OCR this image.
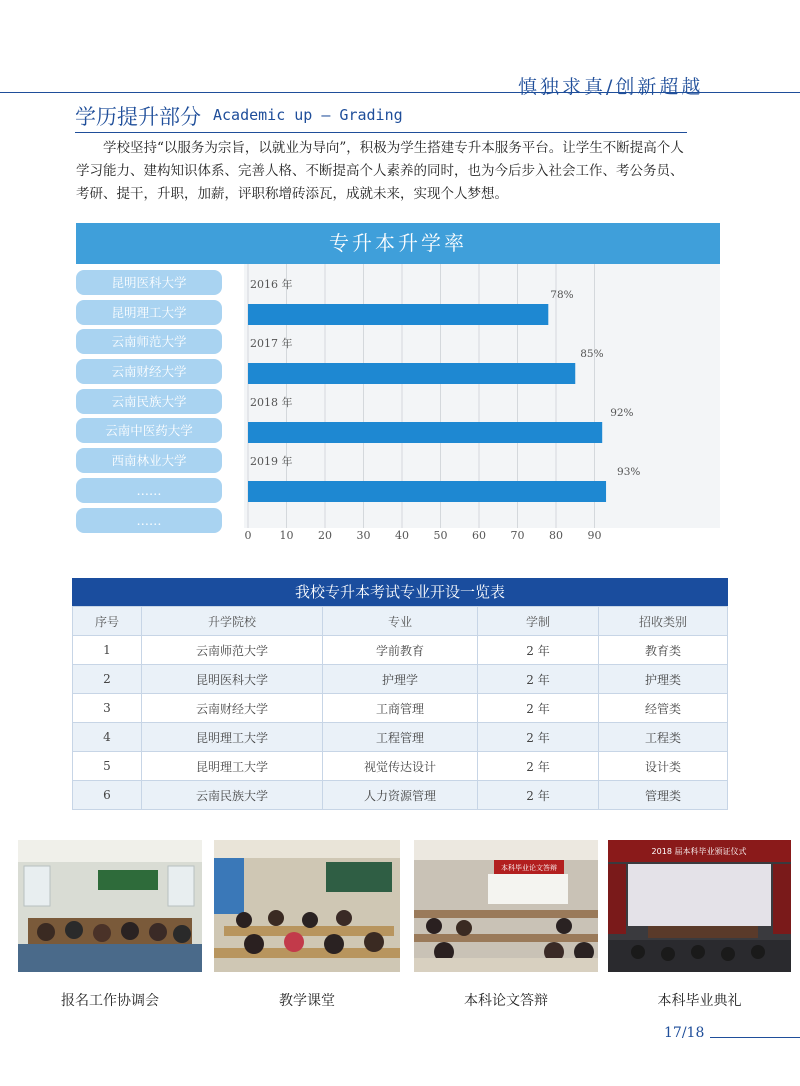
慎独求真/创新超越
学历提升部分 Academic up — Grading
学校坚持“以服务为宗旨，以就业为导向”，积极为学生搭建专升本服务平台。让学生不断提高个人学习能力、建构知识体系、完善人格、不断提高个人素养的同时，也为今后步入社会工作、考公务员、考研、提干，升职，加薪，评职称增砖添瓦，成就未来，实现个人梦想。
专升本升学率
昆明医科大学
昆明理工大学
云南师范大学
云南财经大学
云南民族大学
云南中医药大学
西南林业大学
……
……
0	10 20 30 40 50 60 70 80 90
2016 年
78%
2017 年
85%
2018 年
92%
2019 年
93%
我校专升本考试专业开设一览表
序号	升学院校	专业	学制	招收类别
1	云南师范大学	学前教育	2 年	教育类
2	昆明医科大学	护理学	2 年	护理类
3	云南财经大学	工商管理	2 年	经管类
4	昆明理工大学	工程管理	2 年	工程类
5	昆明理工大学	视觉传达设计	2 年	设计类
6	云南民族大学	人力资源管理	2 年	管理类
本科毕业论文答辩
2018 届本科毕业颁证仪式
报名工作协调会	教学课堂	本科论文答辩	本科毕业典礼
17/18
